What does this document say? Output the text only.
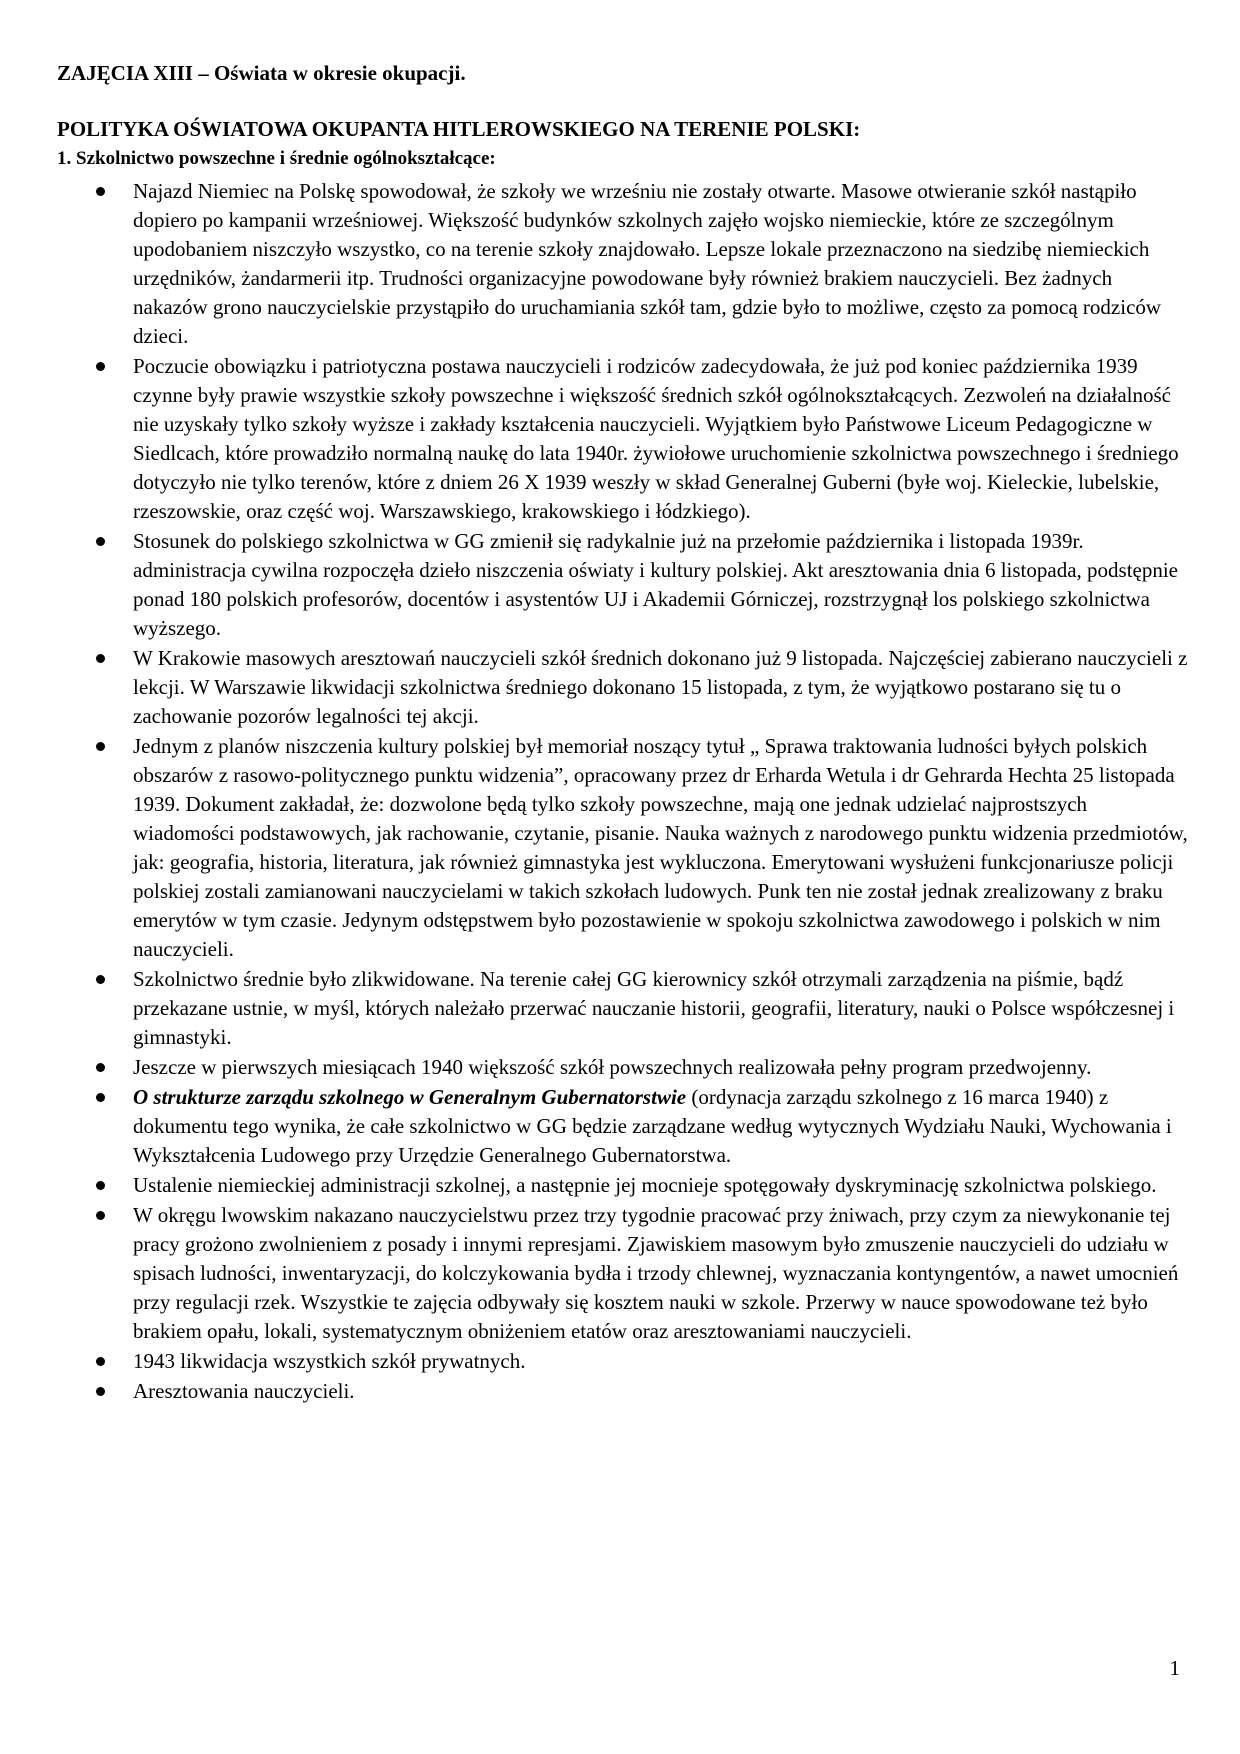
ZAJĘCIA XIII – Oświata w okresie okupacji.
POLITYKA OŚWIATOWA OKUPANTA HITLEROWSKIEGO NA TERENIE POLSKI:
1. Szkolnictwo powszechne i średnie ogólnokształcące:
Najazd Niemiec na Polskę spowodował, że szkoły we wrześniu nie zostały otwarte. Masowe otwieranie szkół nastąpiło dopiero po kampanii wrześniowej. Większość budynków szkolnych zajęło wojsko niemieckie, które ze szczególnym upodobaniem niszczyło wszystko, co na terenie szkoły znajdowało. Lepsze lokale przeznaczono na siedzibę niemieckich urzędników, żandarmerii itp. Trudności organizacyjne powodowane były również brakiem nauczycieli. Bez żadnych nakazów grono nauczycielskie przystąpiło do uruchamiania szkół tam, gdzie było to możliwe, często za pomocą rodziców dzieci.
Poczucie obowiązku i patriotyczna postawa nauczycieli i rodziców zadecydowała, że już pod koniec października 1939 czynne były prawie wszystkie szkoły powszechne i większość średnich szkół ogólnokształcących. Zezwoleń na działalność nie uzyskały tylko szkoły wyższe i zakłady kształcenia nauczycieli. Wyjątkiem było Państwowe Liceum Pedagogiczne w Siedlcach, które prowadziło normalną naukę do lata 1940r. żywiołowe uruchomienie szkolnictwa powszechnego i średniego dotyczyło nie tylko terenów, które z dniem 26 X 1939 weszły w skład Generalnej Guberni (byłe woj. Kieleckie, lubelskie, rzeszowskie, oraz część woj. Warszawskiego, krakowskiego i łódzkiego).
Stosunek do polskiego szkolnictwa w GG zmienił się radykalnie już na przełomie października i listopada 1939r. administracja cywilna rozpoczęła dzieło niszczenia oświaty i kultury polskiej. Akt aresztowania dnia 6 listopada, podstępnie ponad 180 polskich profesorów, docentów i asystentów UJ i Akademii Górniczej, rozstrzygnął los polskiego szkolnictwa wyższego.
W Krakowie masowych aresztowań nauczycieli szkół średnich dokonano już 9 listopada. Najczęściej zabierano nauczycieli z lekcji. W Warszawie likwidacji szkolnictwa średniego dokonano 15 listopada, z tym, że wyjątkowo postarano się tu o zachowanie pozorów legalności tej akcji.
Jednym z planów niszczenia kultury polskiej był memoriał noszący tytuł „ Sprawa traktowania ludności byłych polskich obszarów z rasowo-politycznego punktu widzenia”, opracowany przez dr Erharda Wetula i dr Gehrarda Hechta 25 listopada 1939. Dokument zakładał, że: dozwolone będą tylko szkoły powszechne, mają one jednak udzielać najprostszych wiadomości podstawowych, jak rachowanie, czytanie, pisanie. Nauka ważnych z narodowego punktu widzenia przedmiotów, jak: geografia, historia, literatura, jak również gimnastyka jest wykluczona. Emerytowani wysłużeni funkcjonariusze policji polskiej zostali zamianowani nauczycielami w takich szkołach ludowych. Punk ten nie został jednak zrealizowany z braku emerytów w tym czasie. Jedynym odstępstwem było pozostawienie w spokoju szkolnictwa zawodowego i polskich w nim nauczycieli.
Szkolnictwo średnie było zlikwidowane. Na terenie całej GG kierownicy szkół otrzymali zarządzenia na piśmie, bądź przekazane ustnie, w myśl, których należało przerwać nauczanie historii, geografii, literatury, nauki o Polsce współczesnej i gimnastyki.
Jeszcze w pierwszych miesiącach 1940 większość szkół powszechnych realizowała pełny program przedwojenny.
O strukturze zarządu szkolnego w Generalnym Gubernatorstwie (ordynacja zarządu szkolnego z 16 marca 1940) z dokumentu tego wynika, że całe szkolnictwo w GG będzie zarządzane według wytycznych Wydziału Nauki, Wychowania i Wykształcenia Ludowego przy Urzędzie Generalnego Gubernatorstwa.
Ustalenie niemieckiej administracji szkolnej, a następnie jej mocnieje spotęgowały dyskryminację szkolnictwa polskiego.
W okręgu lwowskim nakazano nauczycielstwu przez trzy tygodnie pracować przy żniwach, przy czym za niewykonanie tej pracy grożono zwolnieniem z posady i innymi represjami. Zjawiskiem masowym było zmuszenie nauczycieli do udziału w spisach ludności, inwentaryzacji, do kolczykowania bydła i trzody chlewnej, wyznaczania kontyngentów, a nawet umocnień przy regulacji rzek. Wszystkie te zajęcia odbywały się kosztem nauki w szkole. Przerwy w nauce spowodowane też było brakiem opału, lokali, systematycznym obniżeniem etatów oraz aresztowaniami nauczycieli.
1943 likwidacja wszystkich szkół prywatnych.
Aresztowania nauczycieli.
1
